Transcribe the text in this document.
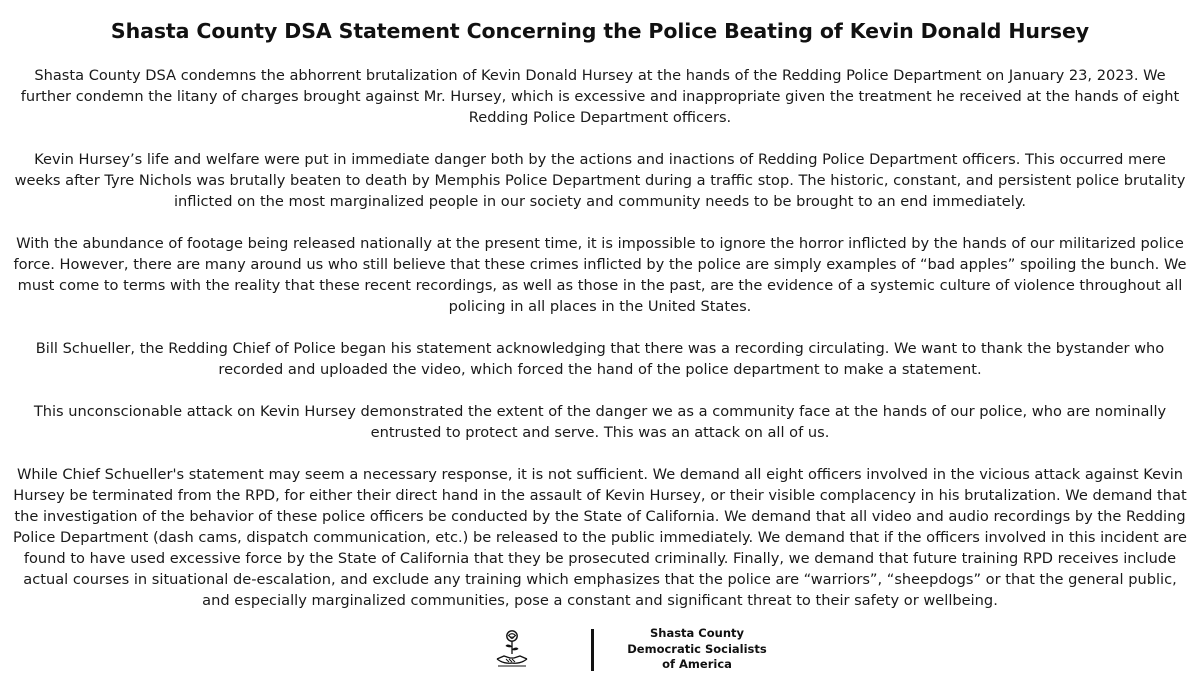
Shasta County DSA Statement Concerning the Police Beating of Kevin Donald Hursey

Shasta County DSA condemns the abhorrent brutalization of Kevin Donald Hursey at the hands of the Redding Police Department on January 23, 2023. We further condemn the litany of charges brought against Mr. Hursey, which is excessive and inappropriate given the treatment he received at the hands of eight Redding Police Department officers.

Kevin Hursey’s life and welfare were put in immediate danger both by the actions and inactions of Redding Police Department officers. This occurred mere weeks after Tyre Nichols was brutally beaten to death by Memphis Police Department during a traffic stop. The historic, constant, and persistent police brutality inflicted on the most marginalized people in our society and community needs to be brought to an end immediately.

With the abundance of footage being released nationally at the present time, it is impossible to ignore the horror inflicted by the hands of our militarized police force. However, there are many around us who still believe that these crimes inflicted by the police are simply examples of “bad apples” spoiling the bunch. We must come to terms with the reality that these recent recordings, as well as those in the past, are the evidence of a systemic culture of violence throughout all policing in all places in the United States.

Bill Schueller, the Redding Chief of Police began his statement acknowledging that there was a recording circulating. We want to thank the bystander who recorded and uploaded the video, which forced the hand of the police department to make a statement.

This unconscionable attack on Kevin Hursey demonstrated the extent of the danger we as a community face at the hands of our police, who are nominally entrusted to protect and serve. This was an attack on all of us.

While Chief Schueller's statement may seem a necessary response, it is not sufficient. We demand all eight officers involved in the vicious attack against Kevin Hursey be terminated from the RPD, for either their direct hand in the assault of Kevin Hursey, or their visible complacency in his brutalization. We demand that the investigation of the behavior of these police officers be conducted by the State of California. We demand that all video and audio recordings by the Redding Police Department (dash cams, dispatch communication, etc.) be released to the public immediately. We demand that if the officers involved in this incident are found to have used excessive force by the State of California that they be prosecuted criminally. Finally, we demand that future training RPD receives include actual courses in situational de-escalation, and exclude any training which emphasizes that the police are “warriors”, “sheepdogs” or that the general public, and especially marginalized communities, pose a constant and significant threat to their safety or wellbeing.

Shasta County
Democratic Socialists
of America
